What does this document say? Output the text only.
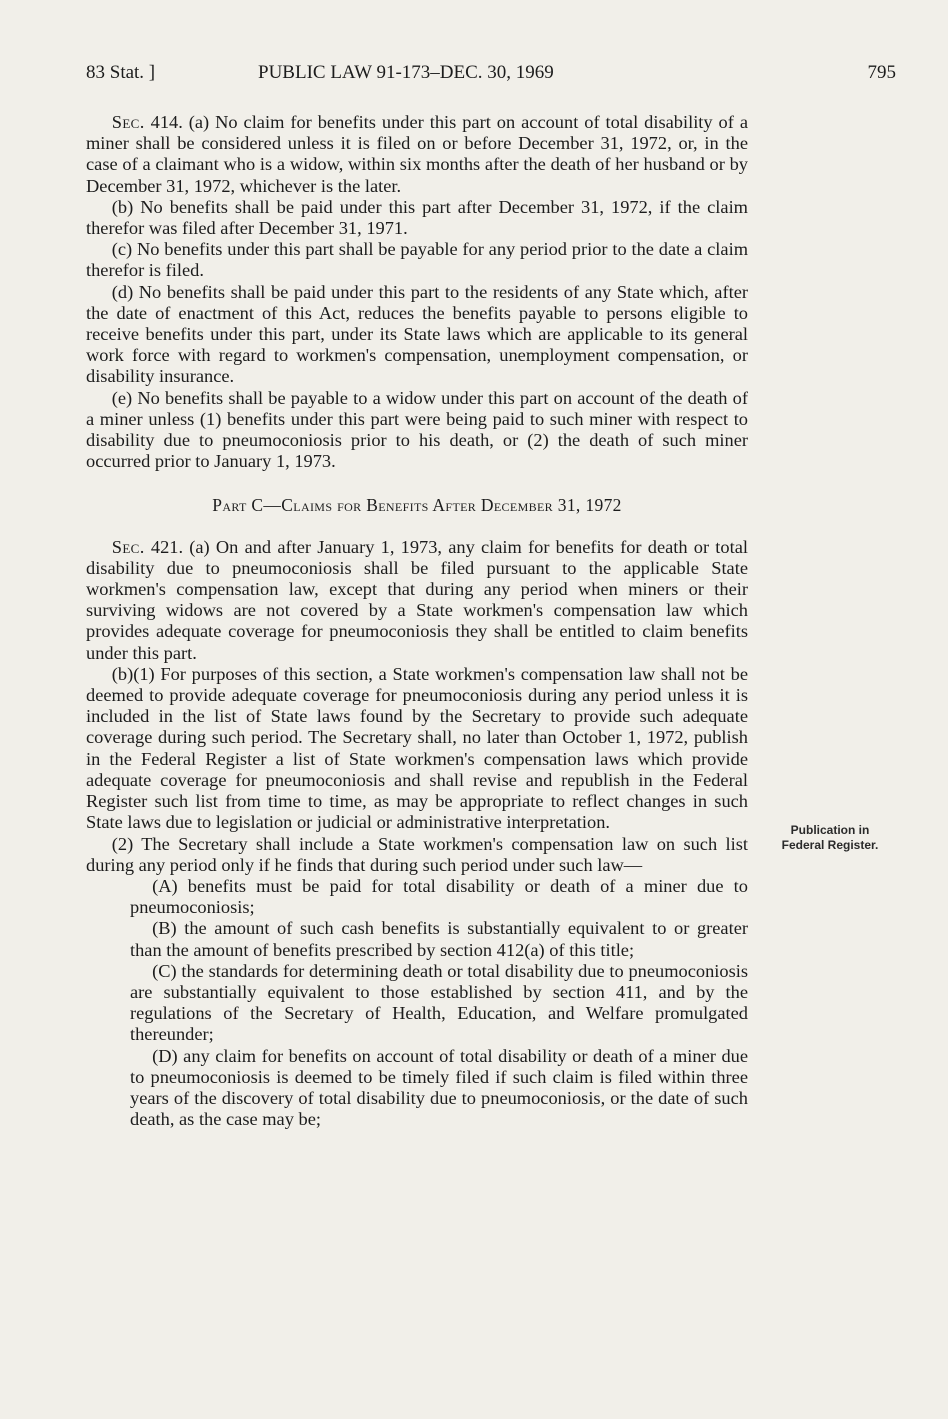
83 Stat. ]	PUBLIC LAW 91-173–DEC. 30, 1969	795

Sec. 414. (a) No claim for benefits under this part on account of total disability of a miner shall be considered unless it is filed on or before December 31, 1972, or, in the case of a claimant who is a widow, within six months after the death of her husband or by December 31, 1972, whichever is the later.

(b) No benefits shall be paid under this part after December 31, 1972, if the claim therefor was filed after December 31, 1971.

(c) No benefits under this part shall be payable for any period prior to the date a claim therefor is filed.

(d) No benefits shall be paid under this part to the residents of any State which, after the date of enactment of this Act, reduces the benefits payable to persons eligible to receive benefits under this part, under its State laws which are applicable to its general work force with regard to workmen's compensation, unemployment compensation, or disability insurance.

(e) No benefits shall be payable to a widow under this part on account of the death of a miner unless (1) benefits under this part were being paid to such miner with respect to disability due to pneumoconiosis prior to his death, or (2) the death of such miner occurred prior to January 1, 1973.

Part C—Claims for Benefits After December 31, 1972

Sec. 421. (a) On and after January 1, 1973, any claim for benefits for death or total disability due to pneumoconiosis shall be filed pursuant to the applicable State workmen's compensation law, except that during any period when miners or their surviving widows are not covered by a State workmen's compensation law which provides adequate coverage for pneumoconiosis they shall be entitled to claim benefits under this part.

(b)(1) For purposes of this section, a State workmen's compensation law shall not be deemed to provide adequate coverage for pneumoconiosis during any period unless it is included in the list of State laws found by the Secretary to provide such adequate coverage during such period. The Secretary shall, no later than October 1, 1972, publish in the Federal Register a list of State workmen's compensation laws which provide adequate coverage for pneumoconiosis and shall revise and republish in the Federal Register such list from time to time, as may be appropriate to reflect changes in such State laws due to legislation or judicial or administrative interpretation.

(2) The Secretary shall include a State workmen's compensation law on such list during any period only if he finds that during such period under such law—

(A) benefits must be paid for total disability or death of a miner due to pneumoconiosis;

(B) the amount of such cash benefits is substantially equivalent to or greater than the amount of benefits prescribed by section 412(a) of this title;

(C) the standards for determining death or total disability due to pneumoconiosis are substantially equivalent to those established by section 411, and by the regulations of the Secretary of Health, Education, and Welfare promulgated thereunder;

(D) any claim for benefits on account of total disability or death of a miner due to pneumoconiosis is deemed to be timely filed if such claim is filed within three years of the discovery of total disability due to pneumoconiosis, or the date of such death, as the case may be;

Publication in
Federal Register.
